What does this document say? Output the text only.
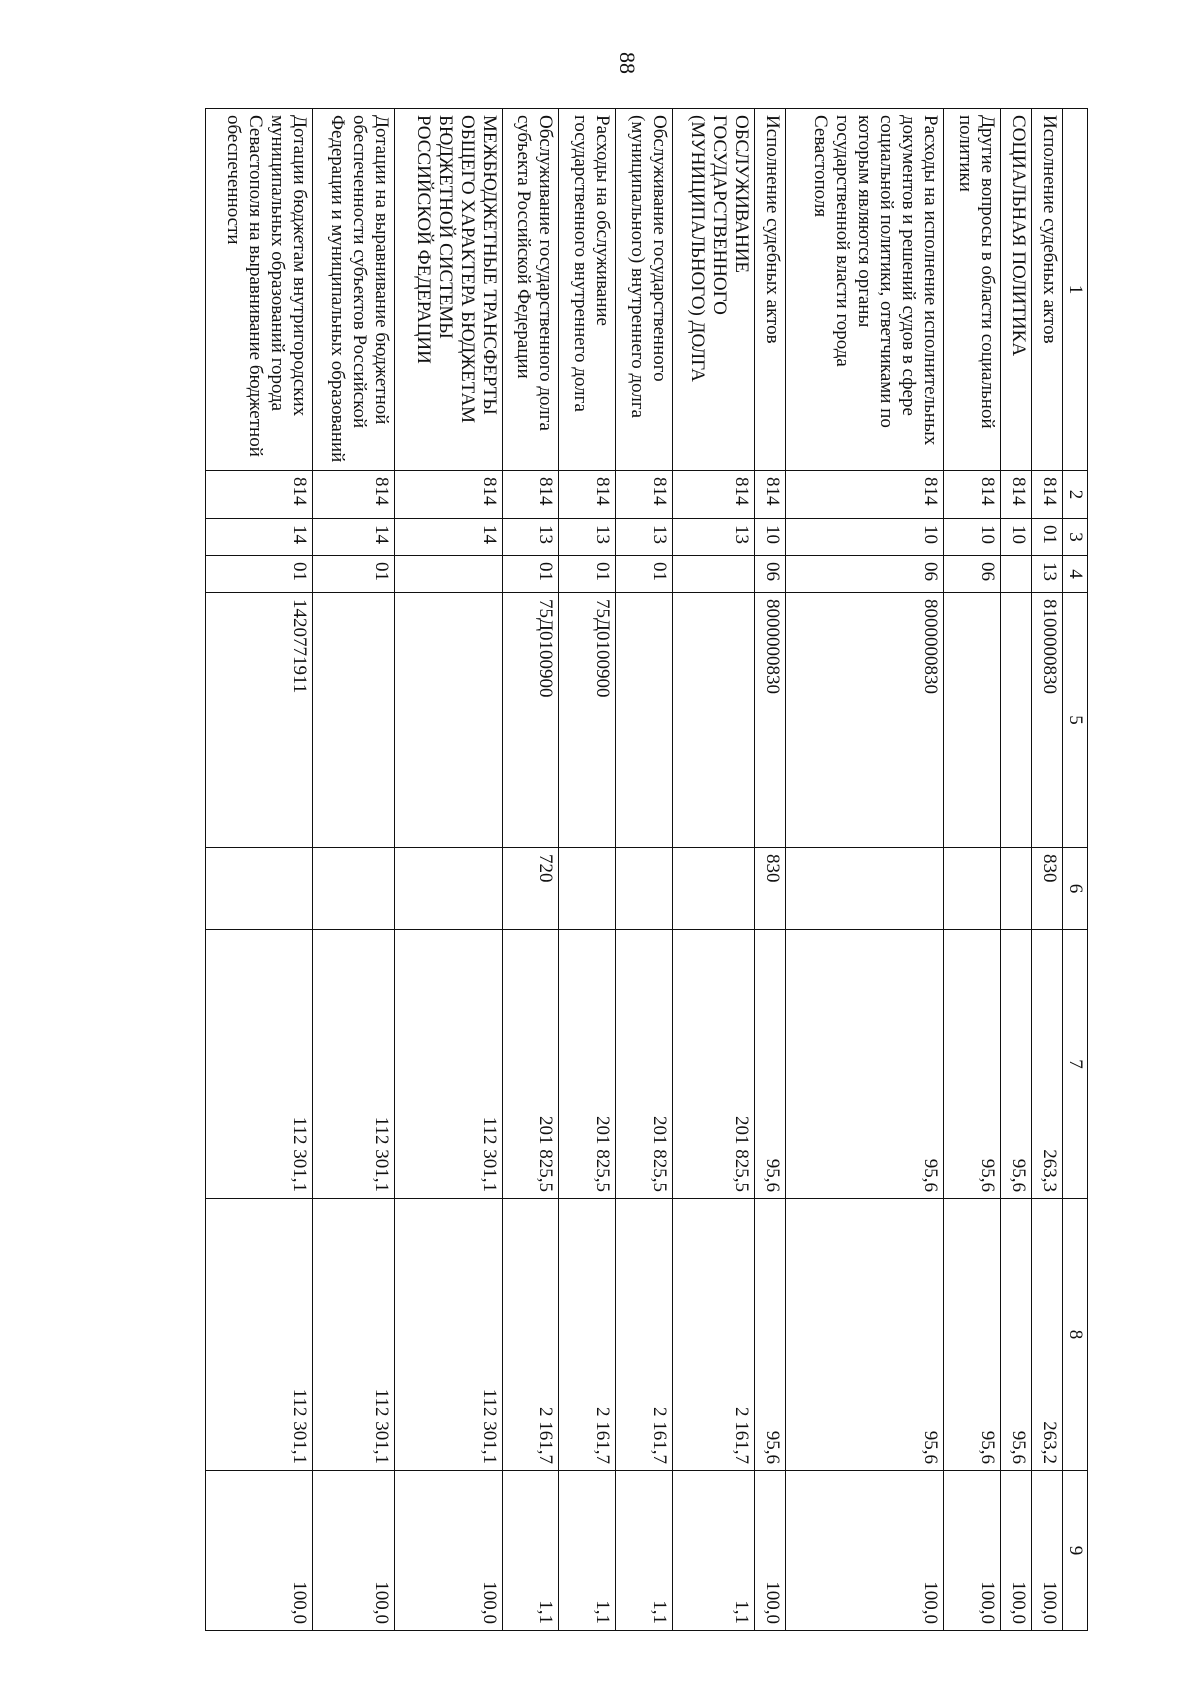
88
1	2	3	4	5	6	7	8	9
Исполнение судебных актов	814	01	13	8100000830	830	263,3	263,2	100,0
СОЦИАЛЬНАЯ ПОЛИТИКА	814	10				95,6	95,6	100,0
Другие вопросы в области социальной политики	814	10	06			95,6	95,6	100,0
Расходы на исполнение исполнительных документов и решений судов в сфере социальной политики, ответчиками по которым являются органы государственной власти города Севастополя	814	10	06	8000000830		95,6	95,6	100,0
Исполнение судебных актов	814	10	06	8000000830	830	95,6	95,6	100,0
ОБСЛУЖИВАНИЕ ГОСУДАРСТВЕННОГО (МУНИЦИПАЛЬНОГО) ДОЛГА	814	13				201 825,5	2 161,7	1,1
Обслуживание государственного (муниципального) внутреннего долга	814	13	01			201 825,5	2 161,7	1,1
Расходы на обслуживание государственного внутреннего долга	814	13	01	75Д0100900		201 825,5	2 161,7	1,1
Обслуживание государственного долга субъекта Российской Федерации	814	13	01	75Д0100900	720	201 825,5	2 161,7	1,1
МЕЖБЮДЖЕТНЫЕ ТРАНСФЕРТЫ ОБЩЕГО ХАРАКТЕРА БЮДЖЕТАМ БЮДЖЕТНОЙ СИСТЕМЫ РОССИЙСКОЙ ФЕДЕРАЦИИ	814	14				112 301,1	112 301,1	100,0
Дотации на выравнивание бюджетной обеспеченности субъектов Российской Федерации и муниципальных образований	814	14	01			112 301,1	112 301,1	100,0
Дотации бюджетам внутригородских муниципальных образований города Севастополя на выравнивание бюджетной обеспеченности	814	14	01	1420771911		112 301,1	112 301,1	100,0
